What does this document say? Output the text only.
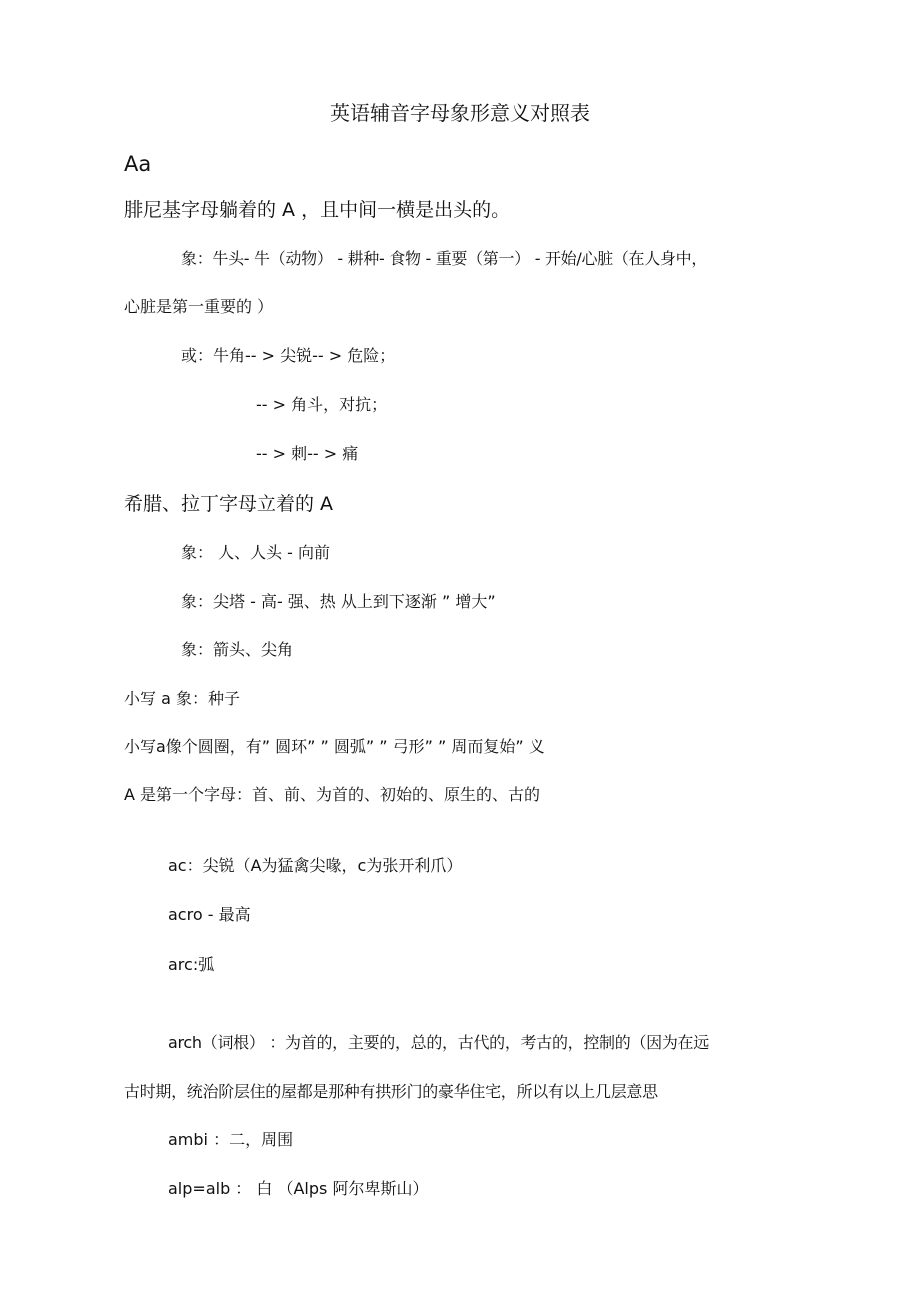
英语辅音字母象形意义对照表
Aa
腓尼基字母躺着的 A ，且中间一横是出头的。
象：牛头- 牛（动物） - 耕种- 食物 - 重要（第一） - 开始/心脏（在人身中，
心脏是第一重要的 ）
或：牛角-- > 尖锐-- > 危险；
-- > 角斗，对抗；
-- > 刺-- > 痛
希腊、拉丁字母立着的 A
象： 人、人头 - 向前
象：尖塔 - 高- 强、热 从上到下逐渐 ” 增大”
象：箭头、尖角
小写 a 象：种子
小写a像个圆圈，有” 圆环” ” 圆弧” ” 弓形” ” 周而复始” 义
A 是第一个字母：首、前、为首的、初始的、原生的、古的
ac：尖锐（A为猛禽尖喙，c为张开利爪）
acro - 最高
arc:弧
arch（词根） ：为首的，主要的，总的，古代的，考古的，控制的（因为在远
古时期，统治阶层住的屋都是那种有拱形门的豪华住宅，所以有以上几层意思
ambi ：二，周围
alp=alb ： 白 （Alps 阿尔卑斯山）
